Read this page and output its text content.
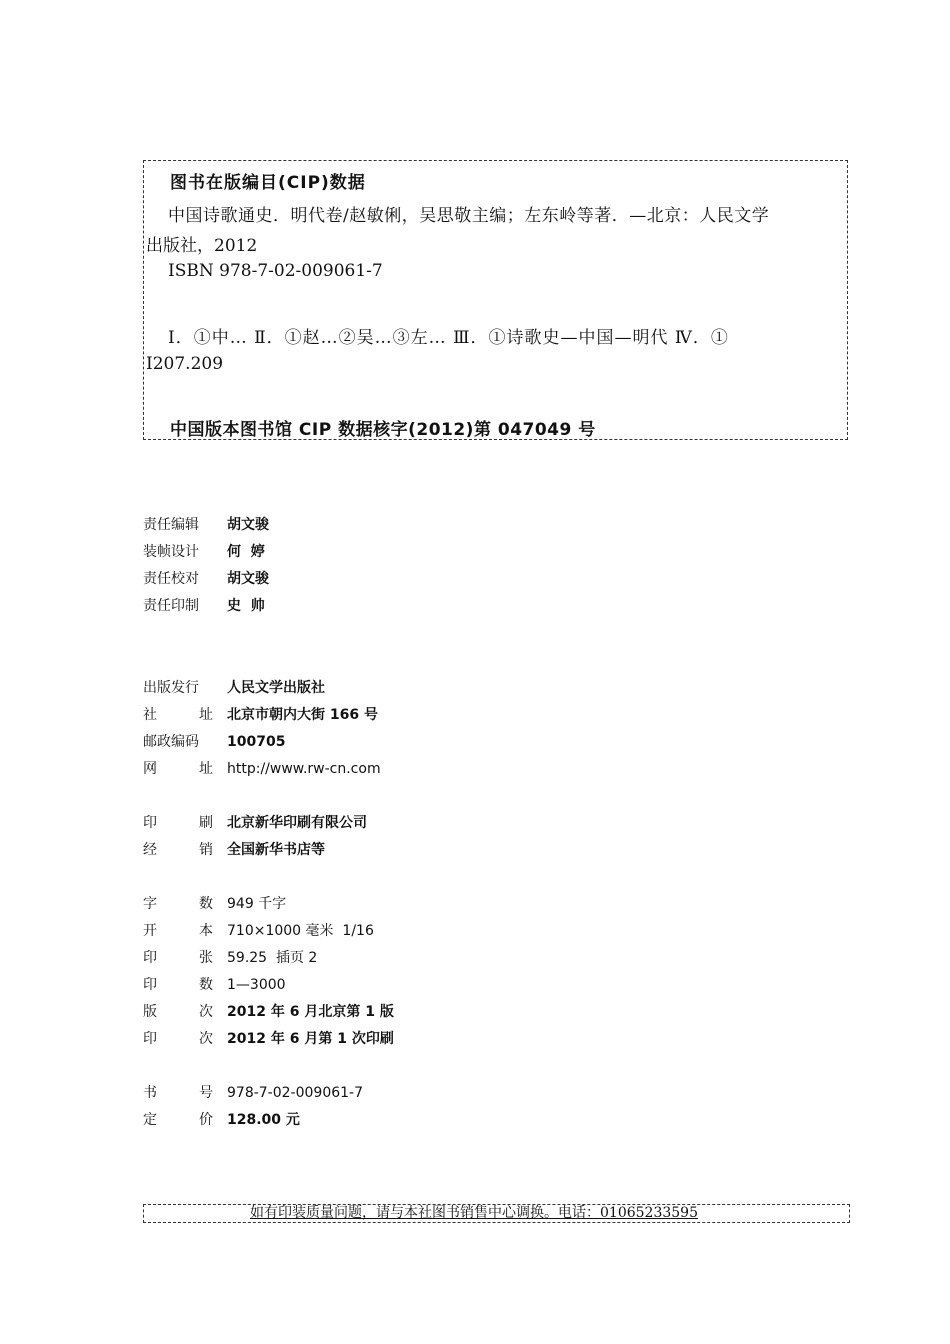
图书在版编目(CIP)数据
中国诗歌通史．明代卷/赵敏俐，吴思敬主编；左东岭等著．—北京：人民文学
出版社，2012
ISBN 978-7-02-009061-7
Ⅰ．①中… Ⅱ．①赵…②吴…③左… Ⅲ．①诗歌史—中国—明代 Ⅳ．①
I207.209
中国版本图书馆 CIP 数据核字(2012)第 047049 号
责任编辑	胡文骏
装帧设计	何  婷
责任校对	胡文骏
责任印制	史  帅
出版发行	人民文学出版社
社	址 北京市朝内大街 166 号
邮政编码	100705
网	址 http://www.rw-cn.com
印	刷 北京新华印刷有限公司
经	销 全国新华书店等
字	数 949 千字
开	本 710×1000 毫米  1/16
印	张 59.25  插页 2
印	数 1—3000
版	次 2012 年 6 月北京第 1 版
印	次 2012 年 6 月第 1 次印刷
书	号 978-7-02-009061-7
定	价 128.00 元
如有印装质量问题，请与本社图书销售中心调换。电话：01065233595
